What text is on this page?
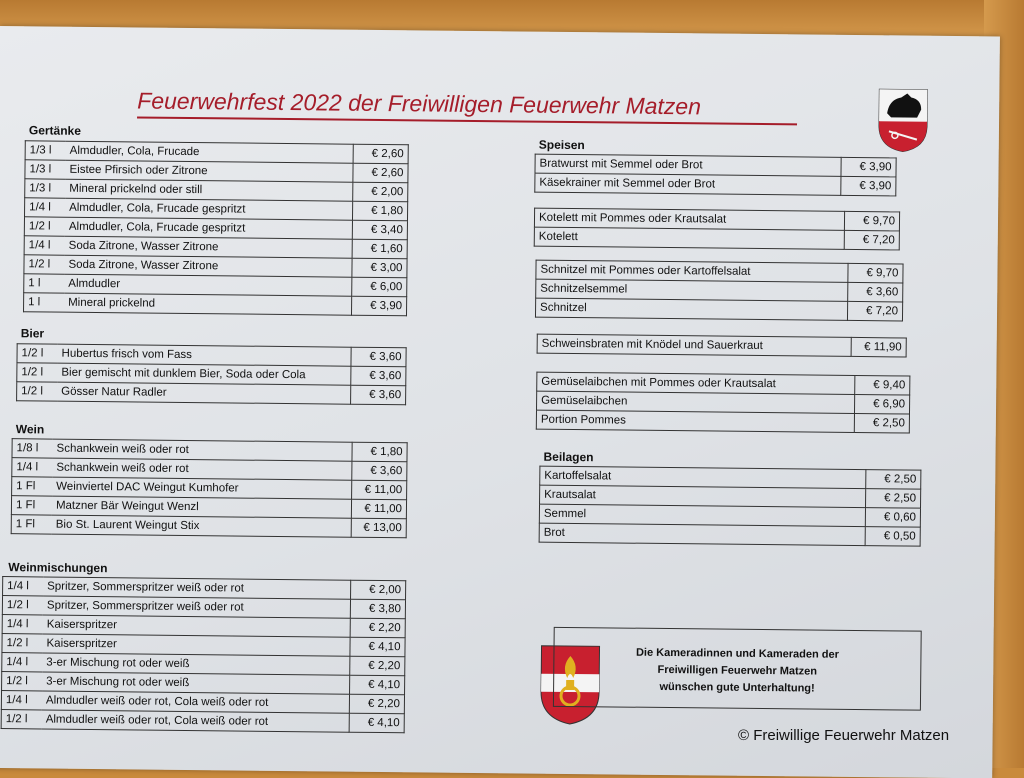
Feuerwehrfest 2022 der Freiwilligen Feuerwehr Matzen
Gertänke
1/3 l	Almdudler, Cola, Frucade	€ 2,60
1/3 l	Eistee Pfirsich oder Zitrone	€ 2,60
1/3 l	Mineral prickelnd oder still	€ 2,00
1/4 l	Almdudler, Cola, Frucade gespritzt	€ 1,80
1/2 l	Almdudler, Cola, Frucade gespritzt	€ 3,40
1/4 l	Soda Zitrone, Wasser Zitrone	€ 1,60
1/2 l	Soda Zitrone, Wasser Zitrone	€ 3,00
1 l	Almdudler	€ 6,00
1 l	Mineral prickelnd	€ 3,90
Bier
1/2 l	Hubertus frisch vom Fass	€ 3,60
1/2 l	Bier gemischt mit dunklem Bier, Soda oder Cola	€ 3,60
1/2 l	Gösser Natur Radler	€ 3,60
Wein
1/8 l	Schankwein weiß oder rot	€ 1,80
1/4 l	Schankwein weiß oder rot	€ 3,60
1 Fl	Weinviertel DAC Weingut Kumhofer	€ 11,00
1 Fl	Matzner Bär Weingut Wenzl	€ 11,00
1 Fl	Bio St. Laurent Weingut Stix	€ 13,00
Weinmischungen
1/4 l	Spritzer, Sommerspritzer weiß oder rot	€ 2,00
1/2 l	Spritzer, Sommerspritzer weiß oder rot	€ 3,80
1/4 l	Kaiserspritzer	€ 2,20
1/2 l	Kaiserspritzer	€ 4,10
1/4 l	3-er Mischung rot oder weiß	€ 2,20
1/2 l	3-er Mischung rot oder weiß	€ 4,10
1/4 l	Almdudler weiß oder rot, Cola weiß oder rot	€ 2,20
1/2 l	Almdudler weiß oder rot, Cola weiß oder rot	€ 4,10
Speisen
Bratwurst mit Semmel oder Brot	€ 3,90
Käsekrainer mit Semmel oder Brot	€ 3,90
Kotelett mit Pommes oder Krautsalat	€ 9,70
Kotelett	€ 7,20
Schnitzel mit Pommes oder Kartoffelsalat	€ 9,70
Schnitzelsemmel	€ 3,60
Schnitzel	€ 7,20
Schweinsbraten mit Knödel und Sauerkraut	€ 11,90
Gemüselaibchen mit Pommes oder Krautsalat	€ 9,40
Gemüselaibchen	€ 6,90
Portion Pommes	€ 2,50
Beilagen
Kartoffelsalat	€ 2,50
Krautsalat	€ 2,50
Semmel	€ 0,60
Brot	€ 0,50
Die Kameradinnen und Kameraden der
Freiwilligen Feuerwehr Matzen
wünschen gute Unterhaltung!
© Freiwillige Feuerwehr Matzen
